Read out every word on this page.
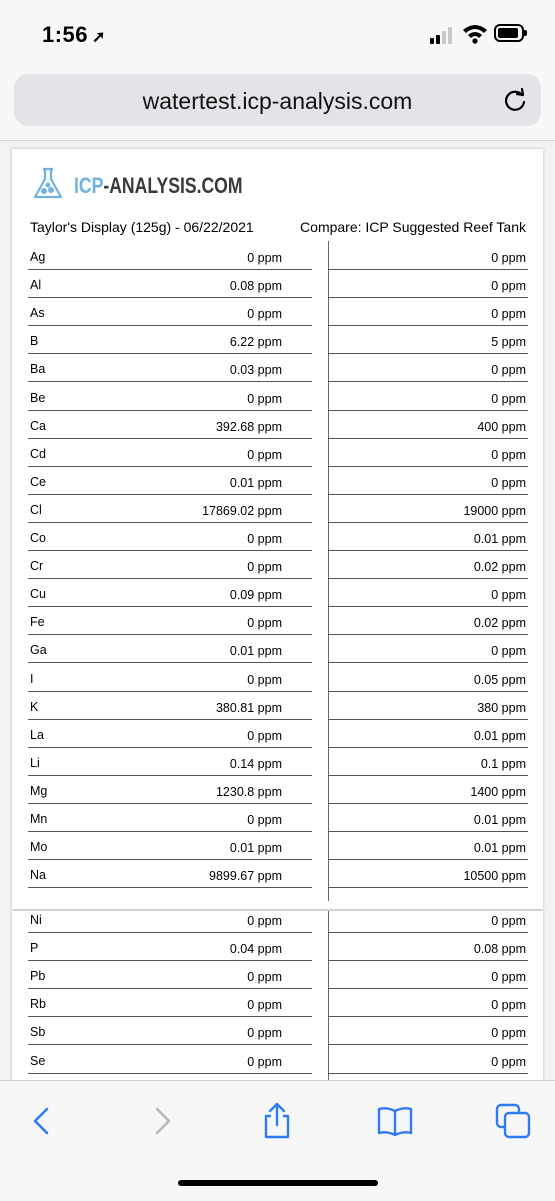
1:56 ➚
watertest.icp-analysis.com
ICP-ANALYSIS.COM
Taylor's Display (125g) - 06/22/2021	Compare: ICP Suggested Reef Tank
Ag	0 ppm	0 ppm
Al	0.08 ppm	0 ppm
As	0 ppm	0 ppm
B	6.22 ppm	5 ppm
Ba	0.03 ppm	0 ppm
Be	0 ppm	0 ppm
Ca	392.68 ppm	400 ppm
Cd	0 ppm	0 ppm
Ce	0.01 ppm	0 ppm
Cl	17869.02 ppm	19000 ppm
Co	0 ppm	0.01 ppm
Cr	0 ppm	0.02 ppm
Cu	0.09 ppm	0 ppm
Fe	0 ppm	0.02 ppm
Ga	0.01 ppm	0 ppm
I	0 ppm	0.05 ppm
K	380.81 ppm	380 ppm
La	0 ppm	0.01 ppm
Li	0.14 ppm	0.1 ppm
Mg	1230.8 ppm	1400 ppm
Mn	0 ppm	0.01 ppm
Mo	0.01 ppm	0.01 ppm
Na	9899.67 ppm	10500 ppm
Ni	0 ppm	0 ppm
P	0.04 ppm	0.08 ppm
Pb	0 ppm	0 ppm
Rb	0 ppm	0 ppm
Sb	0 ppm	0 ppm
Se	0 ppm	0 ppm
